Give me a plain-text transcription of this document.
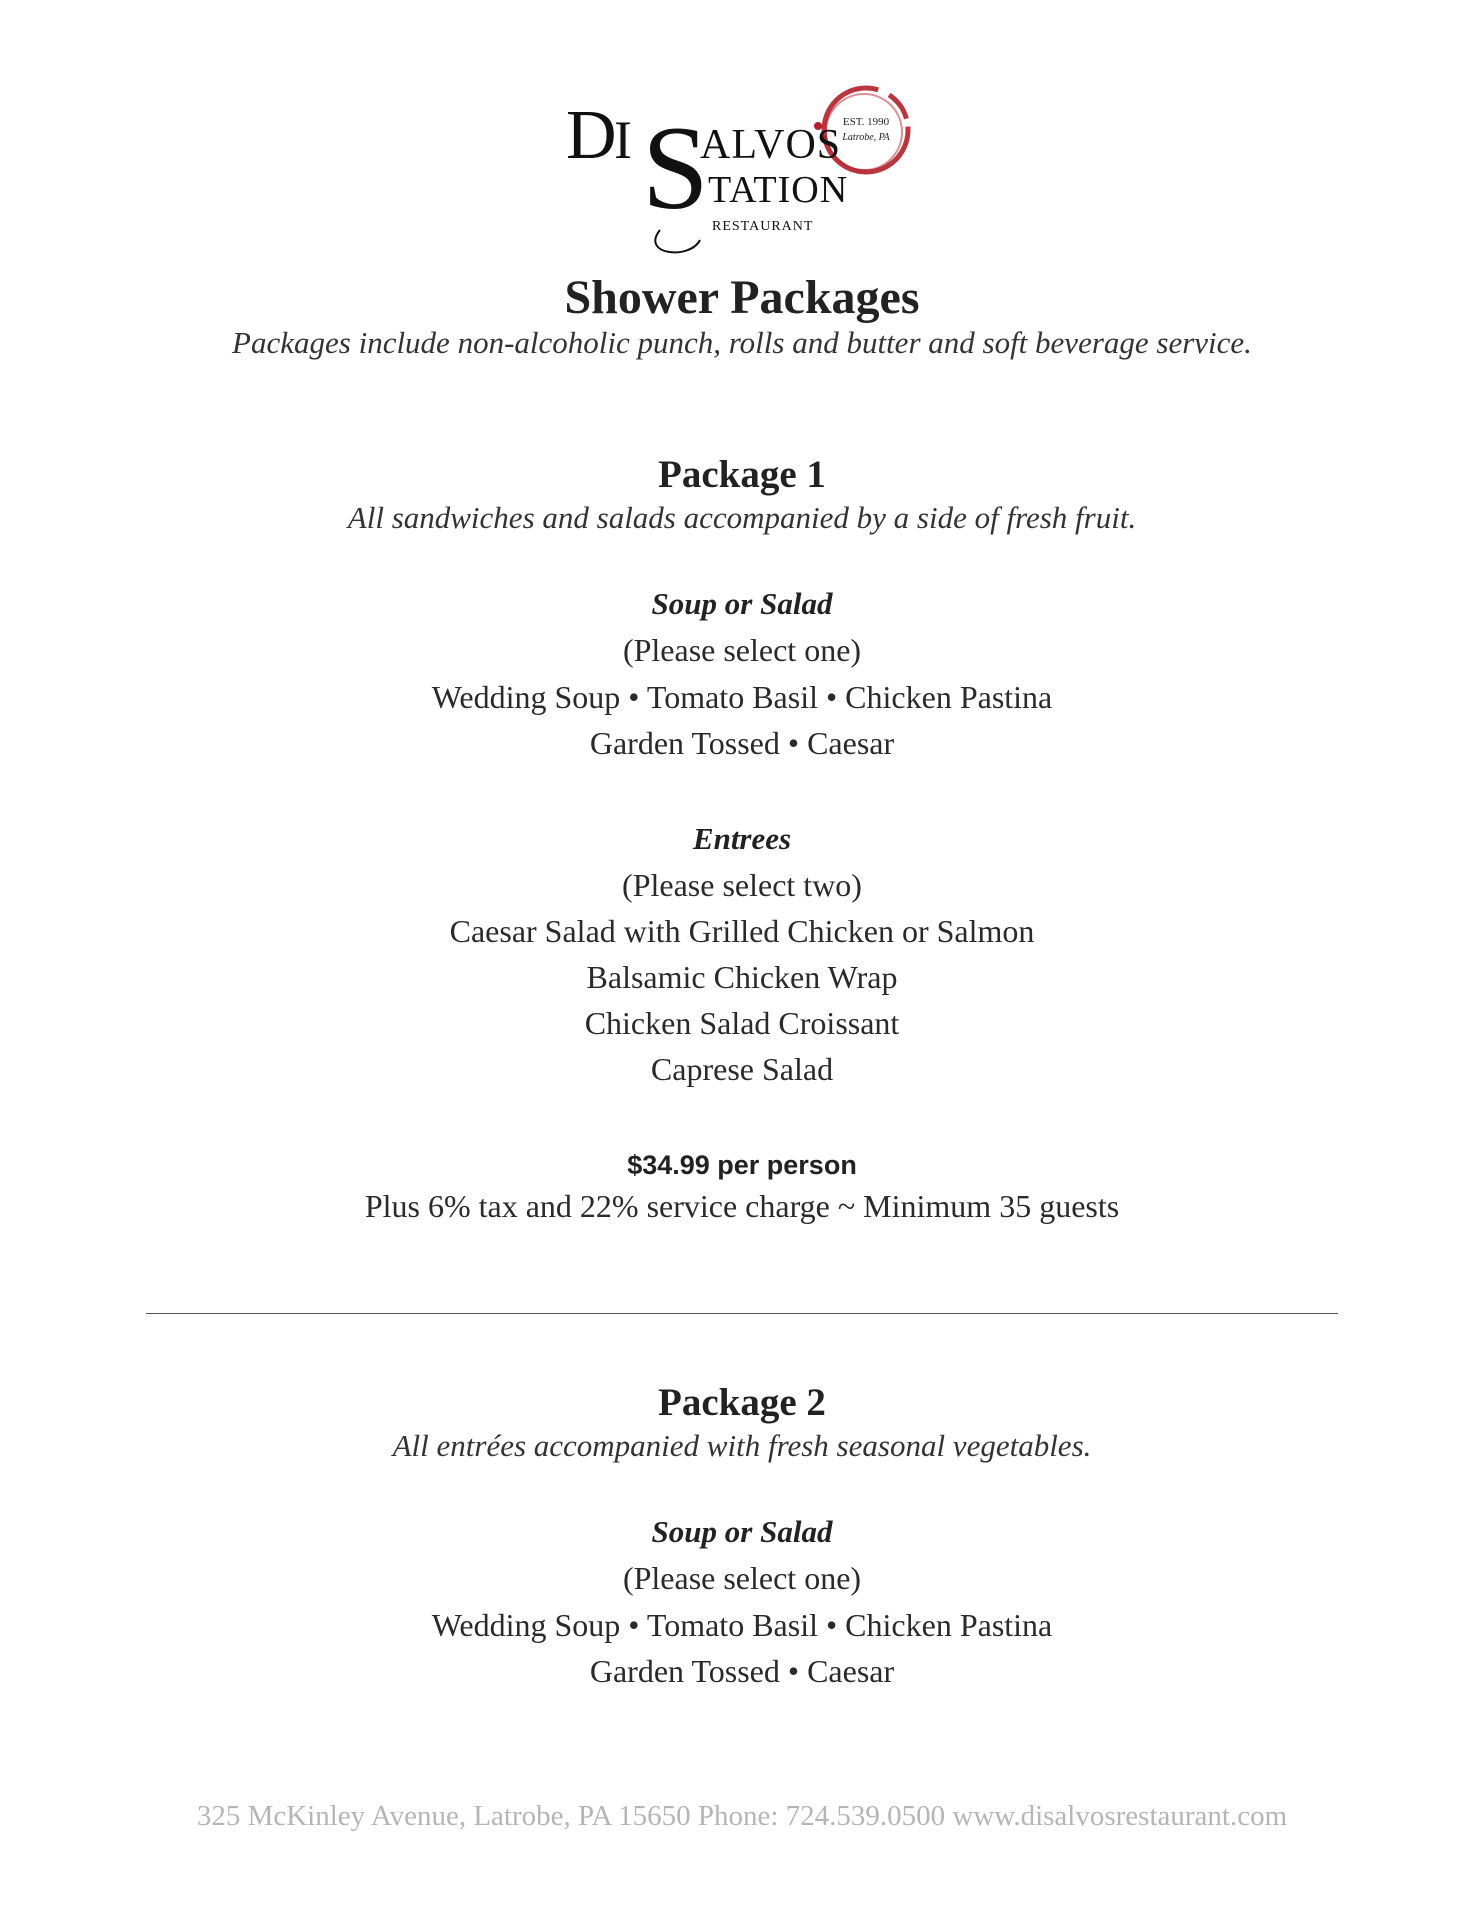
EST. 1990
Latrobe, PA
D
I S
ALVOS
TATION
RESTAURANT
Shower Packages
Packages include non-alcoholic punch, rolls and butter and soft beverage service.
Package 1
All sandwiches and salads accompanied by a side of fresh fruit.
Soup or Salad
(Please select one)
Wedding Soup • Tomato Basil • Chicken Pastina
Garden Tossed • Caesar
Entrees
(Please select two)
Caesar Salad with Grilled Chicken or Salmon
Balsamic Chicken Wrap
Chicken Salad Croissant
Caprese Salad
$34.99 per person
Plus 6% tax and 22% service charge ~ Minimum 35 guests
Package 2
All entrées accompanied with fresh seasonal vegetables.
Soup or Salad
(Please select one)
Wedding Soup • Tomato Basil • Chicken Pastina
Garden Tossed • Caesar
325 McKinley Avenue, Latrobe, PA 15650 Phone: 724.539.0500 www.disalvosrestaurant.com
